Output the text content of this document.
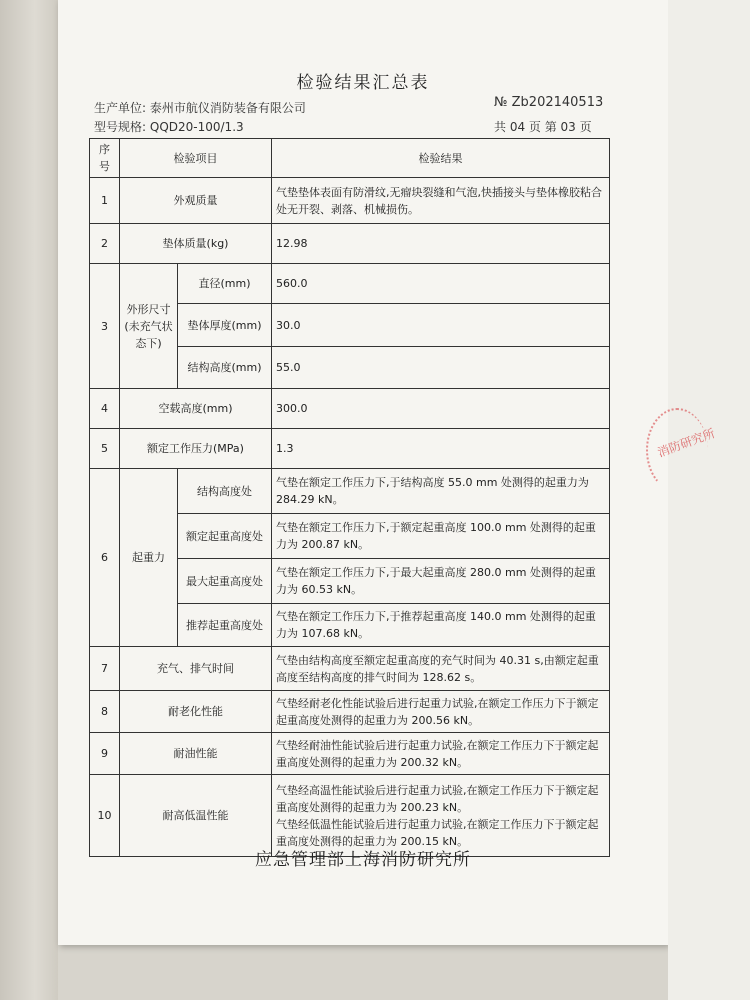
消防研究所
检验结果汇总表
生产单位: 泰州市航仪消防装备有限公司	№ Zb202140513
型号规格: QQD20-100/1.3	共 04 页 第 03 页
序号	检验项目		检验结果
1	外观质量		气垫垫体表面有防滑纹,无瘤块裂缝和气泡,快插接头与垫体橡胶粘合处无开裂、剥落、机械损伤。
2	垫体质量(kg)		12.98
3	外形尺寸(未充气状态下)	直径(mm)	560.0
		垫体厚度(mm)	30.0
		结构高度(mm)	55.0
4	空载高度(mm)		300.0
5	额定工作压力(MPa)		1.3
6	起重力	结构高度处	气垫在额定工作压力下,于结构高度 55.0 mm 处测得的起重力为 284.29 kN。
		额定起重高度处	气垫在额定工作压力下,于额定起重高度 100.0 mm 处测得的起重力为 200.87 kN。
		最大起重高度处	气垫在额定工作压力下,于最大起重高度 280.0 mm 处测得的起重力为 60.53 kN。
		推荐起重高度处	气垫在额定工作压力下,于推荐起重高度 140.0 mm 处测得的起重力为 107.68 kN。
7	充气、排气时间		气垫由结构高度至额定起重高度的充气时间为 40.31 s,由额定起重高度至结构高度的排气时间为 128.62 s。
8	耐老化性能		气垫经耐老化性能试验后进行起重力试验,在额定工作压力下于额定起重高度处测得的起重力为 200.56 kN。
9	耐油性能		气垫经耐油性能试验后进行起重力试验,在额定工作压力下于额定起重高度处测得的起重力为 200.32 kN。
10	耐高低温性能		气垫经高温性能试验后进行起重力试验,在额定工作压力下于额定起重高度处测得的起重力为 200.23 kN。
气垫经低温性能试验后进行起重力试验,在额定工作压力下于额定起重高度处测得的起重力为 200.15 kN。
应急管理部上海消防研究所
